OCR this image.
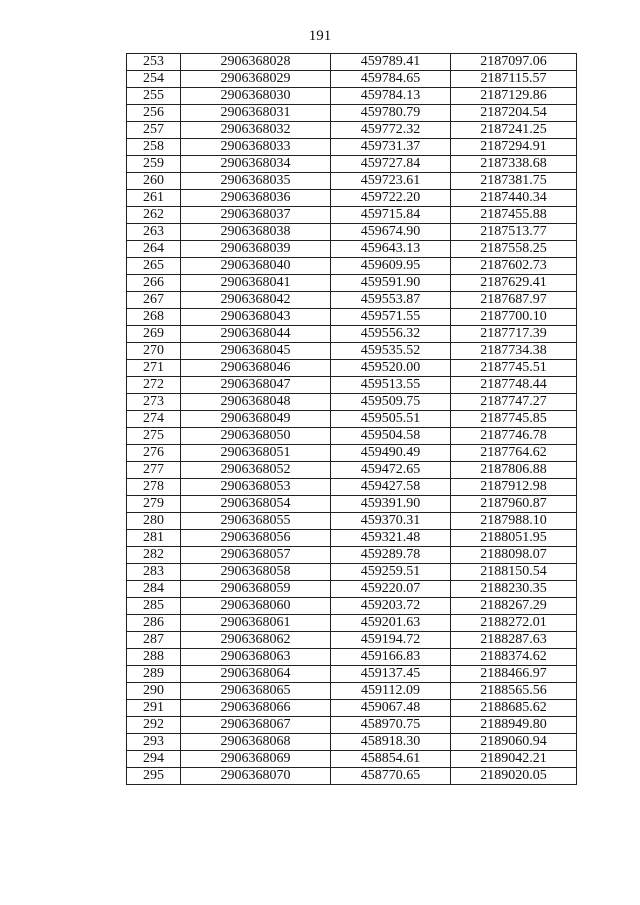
191
253	2906368028	459789.41	2187097.06
254	2906368029	459784.65	2187115.57
255	2906368030	459784.13	2187129.86
256	2906368031	459780.79	2187204.54
257	2906368032	459772.32	2187241.25
258	2906368033	459731.37	2187294.91
259	2906368034	459727.84	2187338.68
260	2906368035	459723.61	2187381.75
261	2906368036	459722.20	2187440.34
262	2906368037	459715.84	2187455.88
263	2906368038	459674.90	2187513.77
264	2906368039	459643.13	2187558.25
265	2906368040	459609.95	2187602.73
266	2906368041	459591.90	2187629.41
267	2906368042	459553.87	2187687.97
268	2906368043	459571.55	2187700.10
269	2906368044	459556.32	2187717.39
270	2906368045	459535.52	2187734.38
271	2906368046	459520.00	2187745.51
272	2906368047	459513.55	2187748.44
273	2906368048	459509.75	2187747.27
274	2906368049	459505.51	2187745.85
275	2906368050	459504.58	2187746.78
276	2906368051	459490.49	2187764.62
277	2906368052	459472.65	2187806.88
278	2906368053	459427.58	2187912.98
279	2906368054	459391.90	2187960.87
280	2906368055	459370.31	2187988.10
281	2906368056	459321.48	2188051.95
282	2906368057	459289.78	2188098.07
283	2906368058	459259.51	2188150.54
284	2906368059	459220.07	2188230.35
285	2906368060	459203.72	2188267.29
286	2906368061	459201.63	2188272.01
287	2906368062	459194.72	2188287.63
288	2906368063	459166.83	2188374.62
289	2906368064	459137.45	2188466.97
290	2906368065	459112.09	2188565.56
291	2906368066	459067.48	2188685.62
292	2906368067	458970.75	2188949.80
293	2906368068	458918.30	2189060.94
294	2906368069	458854.61	2189042.21
295	2906368070	458770.65	2189020.05
